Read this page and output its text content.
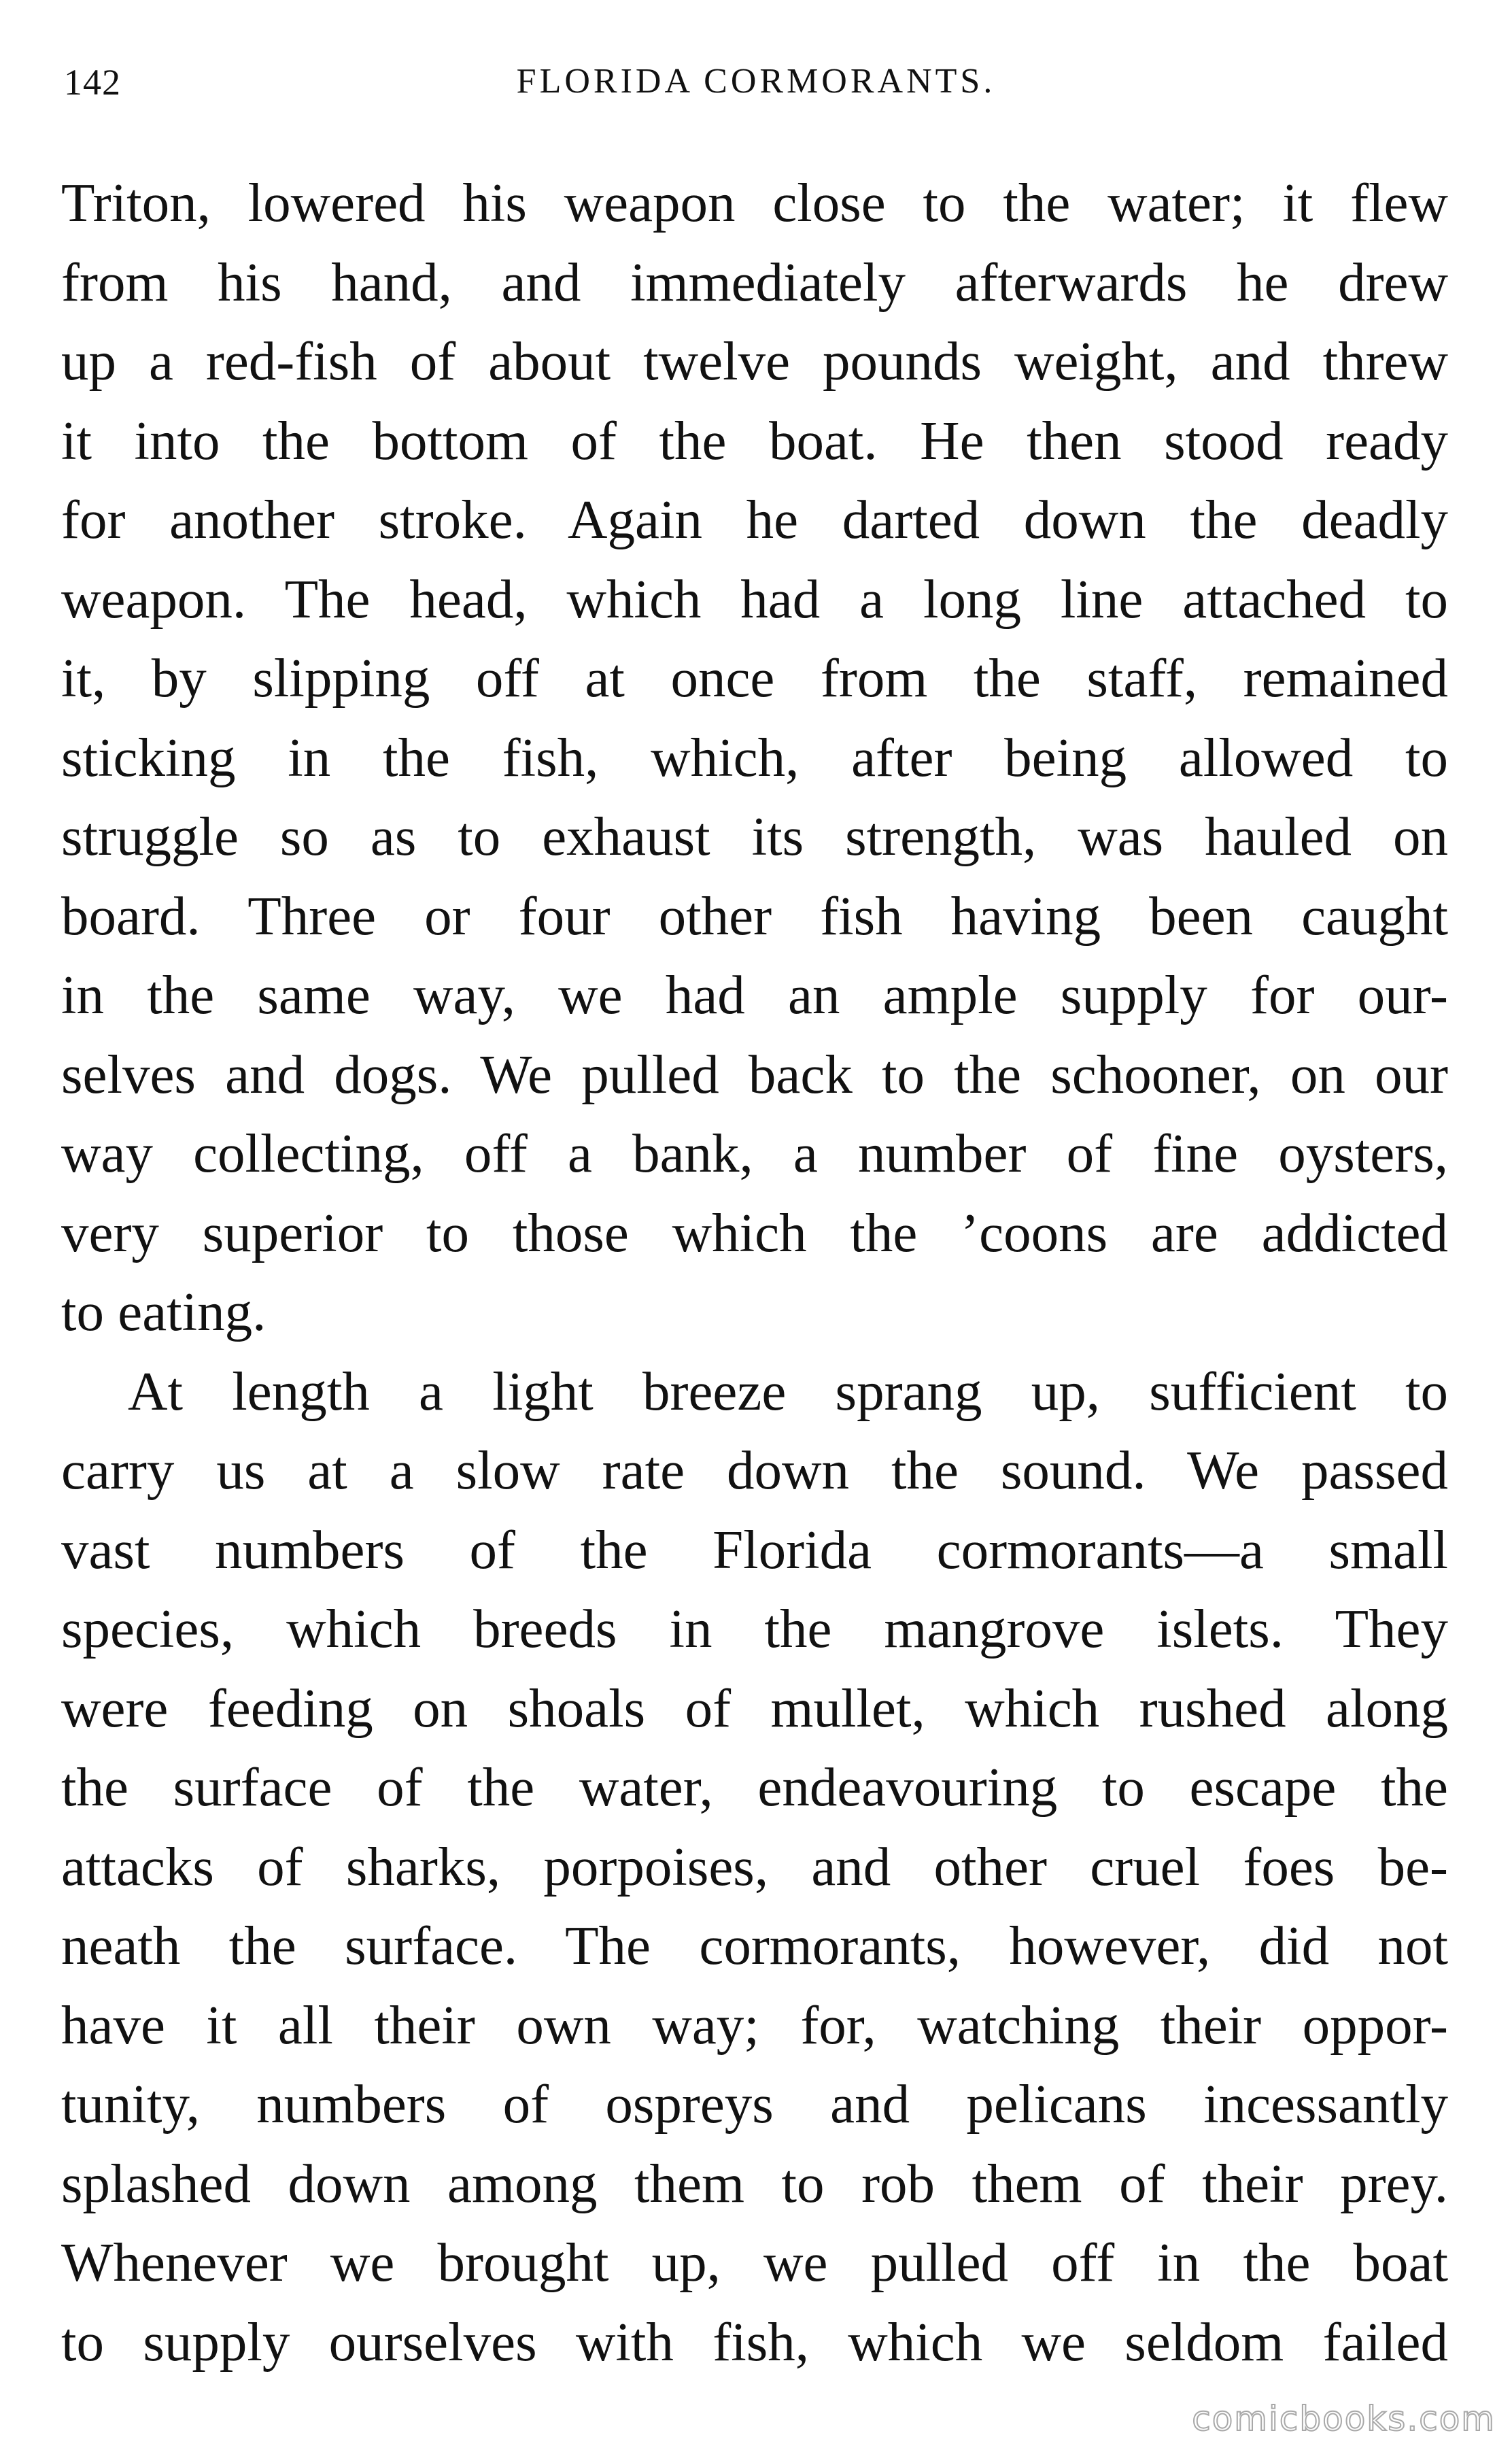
142	FLORIDA CORMORANTS.
Triton, lowered his weapon close to the water; it flew
from his hand, and immediately afterwards he drew
up a red-fish of about twelve pounds weight, and threw
it into the bottom of the boat. He then stood ready
for another stroke. Again he darted down the deadly
weapon. The head, which had a long line attached to
it, by slipping off at once from the staff, remained
sticking in the fish, which, after being allowed to
struggle so as to exhaust its strength, was hauled on
board. Three or four other fish having been caught
in the same way, we had an ample supply for our-
selves and dogs. We pulled back to the schooner, on our
way collecting, off a bank, a number of fine oysters,
very superior to those which the ’coons are addicted
to eating.
At length a light breeze sprang up, sufficient to
carry us at a slow rate down the sound. We passed
vast numbers of the Florida cormorants—a small
species, which breeds in the mangrove islets. They
were feeding on shoals of mullet, which rushed along
the surface of the water, endeavouring to escape the
attacks of sharks, porpoises, and other cruel foes be-
neath the surface. The cormorants, however, did not
have it all their own way; for, watching their oppor-
tunity, numbers of ospreys and pelicans incessantly
splashed down among them to rob them of their prey.
Whenever we brought up, we pulled off in the boat
to supply ourselves with fish, which we seldom failed
comicbooks.com
